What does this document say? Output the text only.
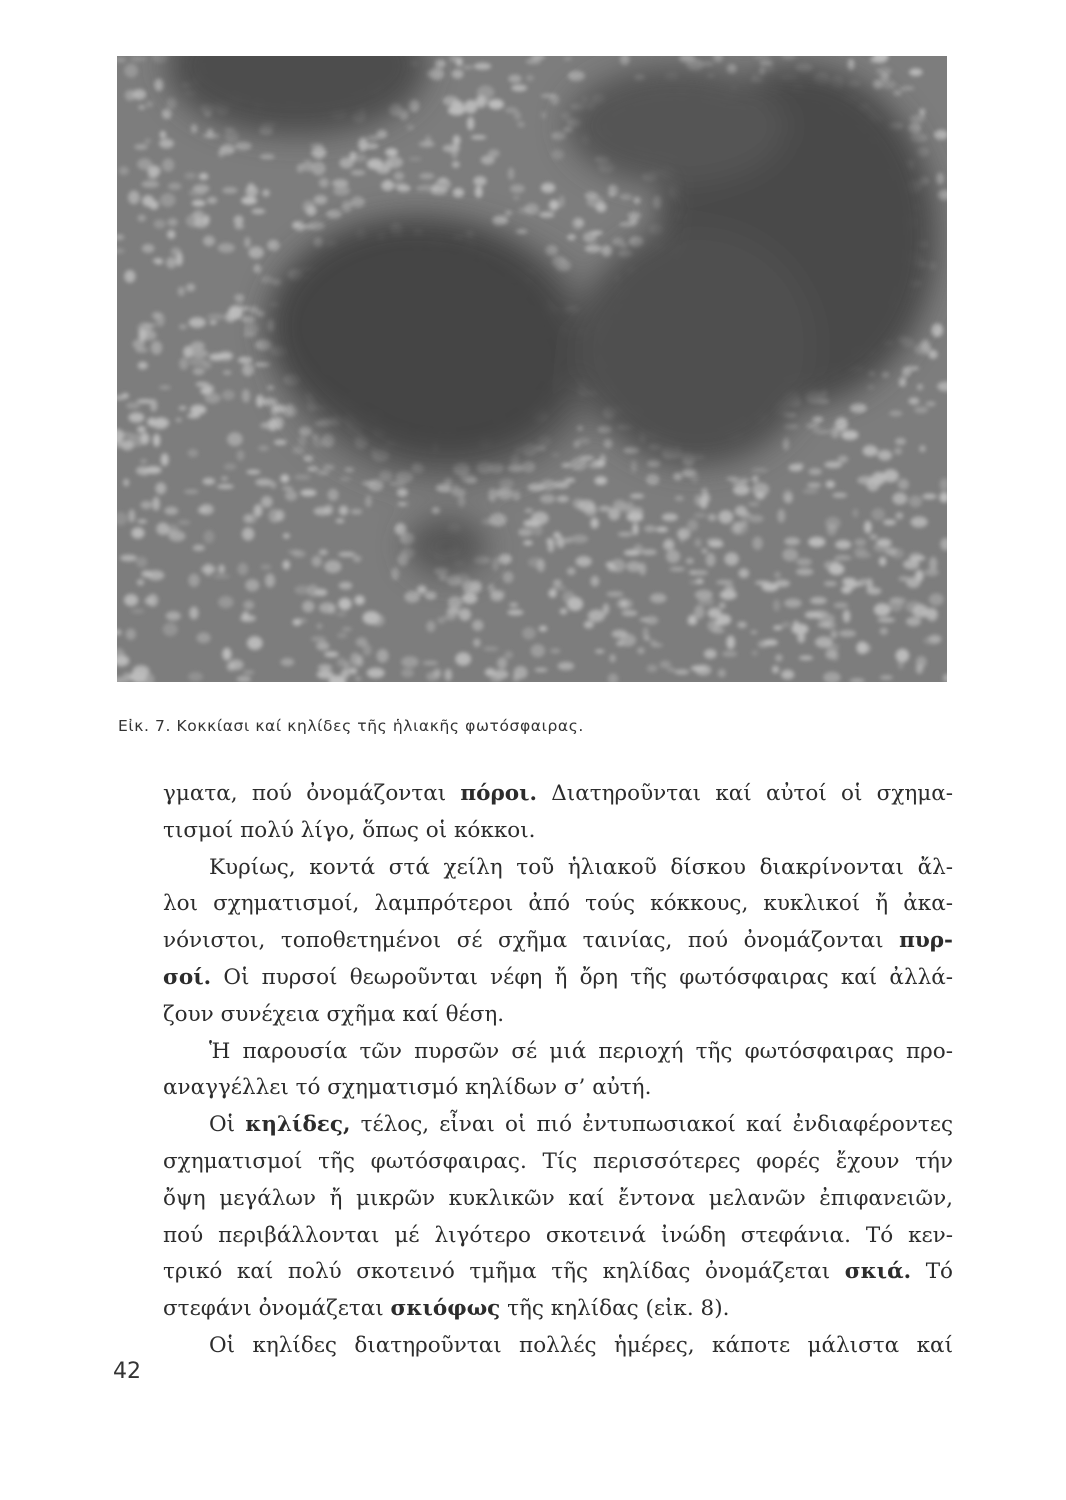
Εἰκ. 7. Κοκκίασι καί κηλίδες τῆς ἡλιακῆς φωτόσφαιρας.
γματα, πού ὀνομάζονται πόροι. Διατηροῦνται καί αὐτοί οἱ σχημα-
τισμοί πολύ λίγο, ὅπως οἱ κόκκοι.
Κυρίως, κοντά στά χείλη τοῦ ἡλιακοῦ δίσκου διακρίνονται ἄλ-
λοι σχηματισμοί, λαμπρότεροι ἀπό τούς κόκκους, κυκλικοί ἤ ἀκα-
νόνιστοι, τοποθετημένοι σέ σχῆμα ταινίας, πού ὀνομάζονται πυρ-
σοί. Οἱ πυρσοί θεωροῦνται νέφη ἤ ὄρη τῆς φωτόσφαιρας καί ἀλλά-
ζουν συνέχεια σχῆμα καί θέση.
Ἡ παρουσία τῶν πυρσῶν σέ μιά περιοχή τῆς φωτόσφαιρας προ-
αναγγέλλει τό σχηματισμό κηλίδων σ’ αὐτή.
Οἱ κηλίδες, τέλος, εἶναι οἱ πιό ἐντυπωσιακοί καί ἐνδιαφέροντες
σχηματισμοί τῆς φωτόσφαιρας. Τίς περισσότερες φορές ἔχουν τήν
ὄψη μεγάλων ἤ μικρῶν κυκλικῶν καί ἔντονα μελανῶν ἐπιφανειῶν,
πού περιβάλλονται μέ λιγότερο σκοτεινά ἰνώδη στεφάνια. Τό κεν-
τρικό καί πολύ σκοτεινό τμῆμα τῆς κηλίδας ὀνομάζεται σκιά. Τό
στεφάνι ὀνομάζεται σκιόφως τῆς κηλίδας (εἰκ. 8).
Οἱ κηλίδες διατηροῦνται πολλές ἡμέρες, κάποτε μάλιστα καί
42
